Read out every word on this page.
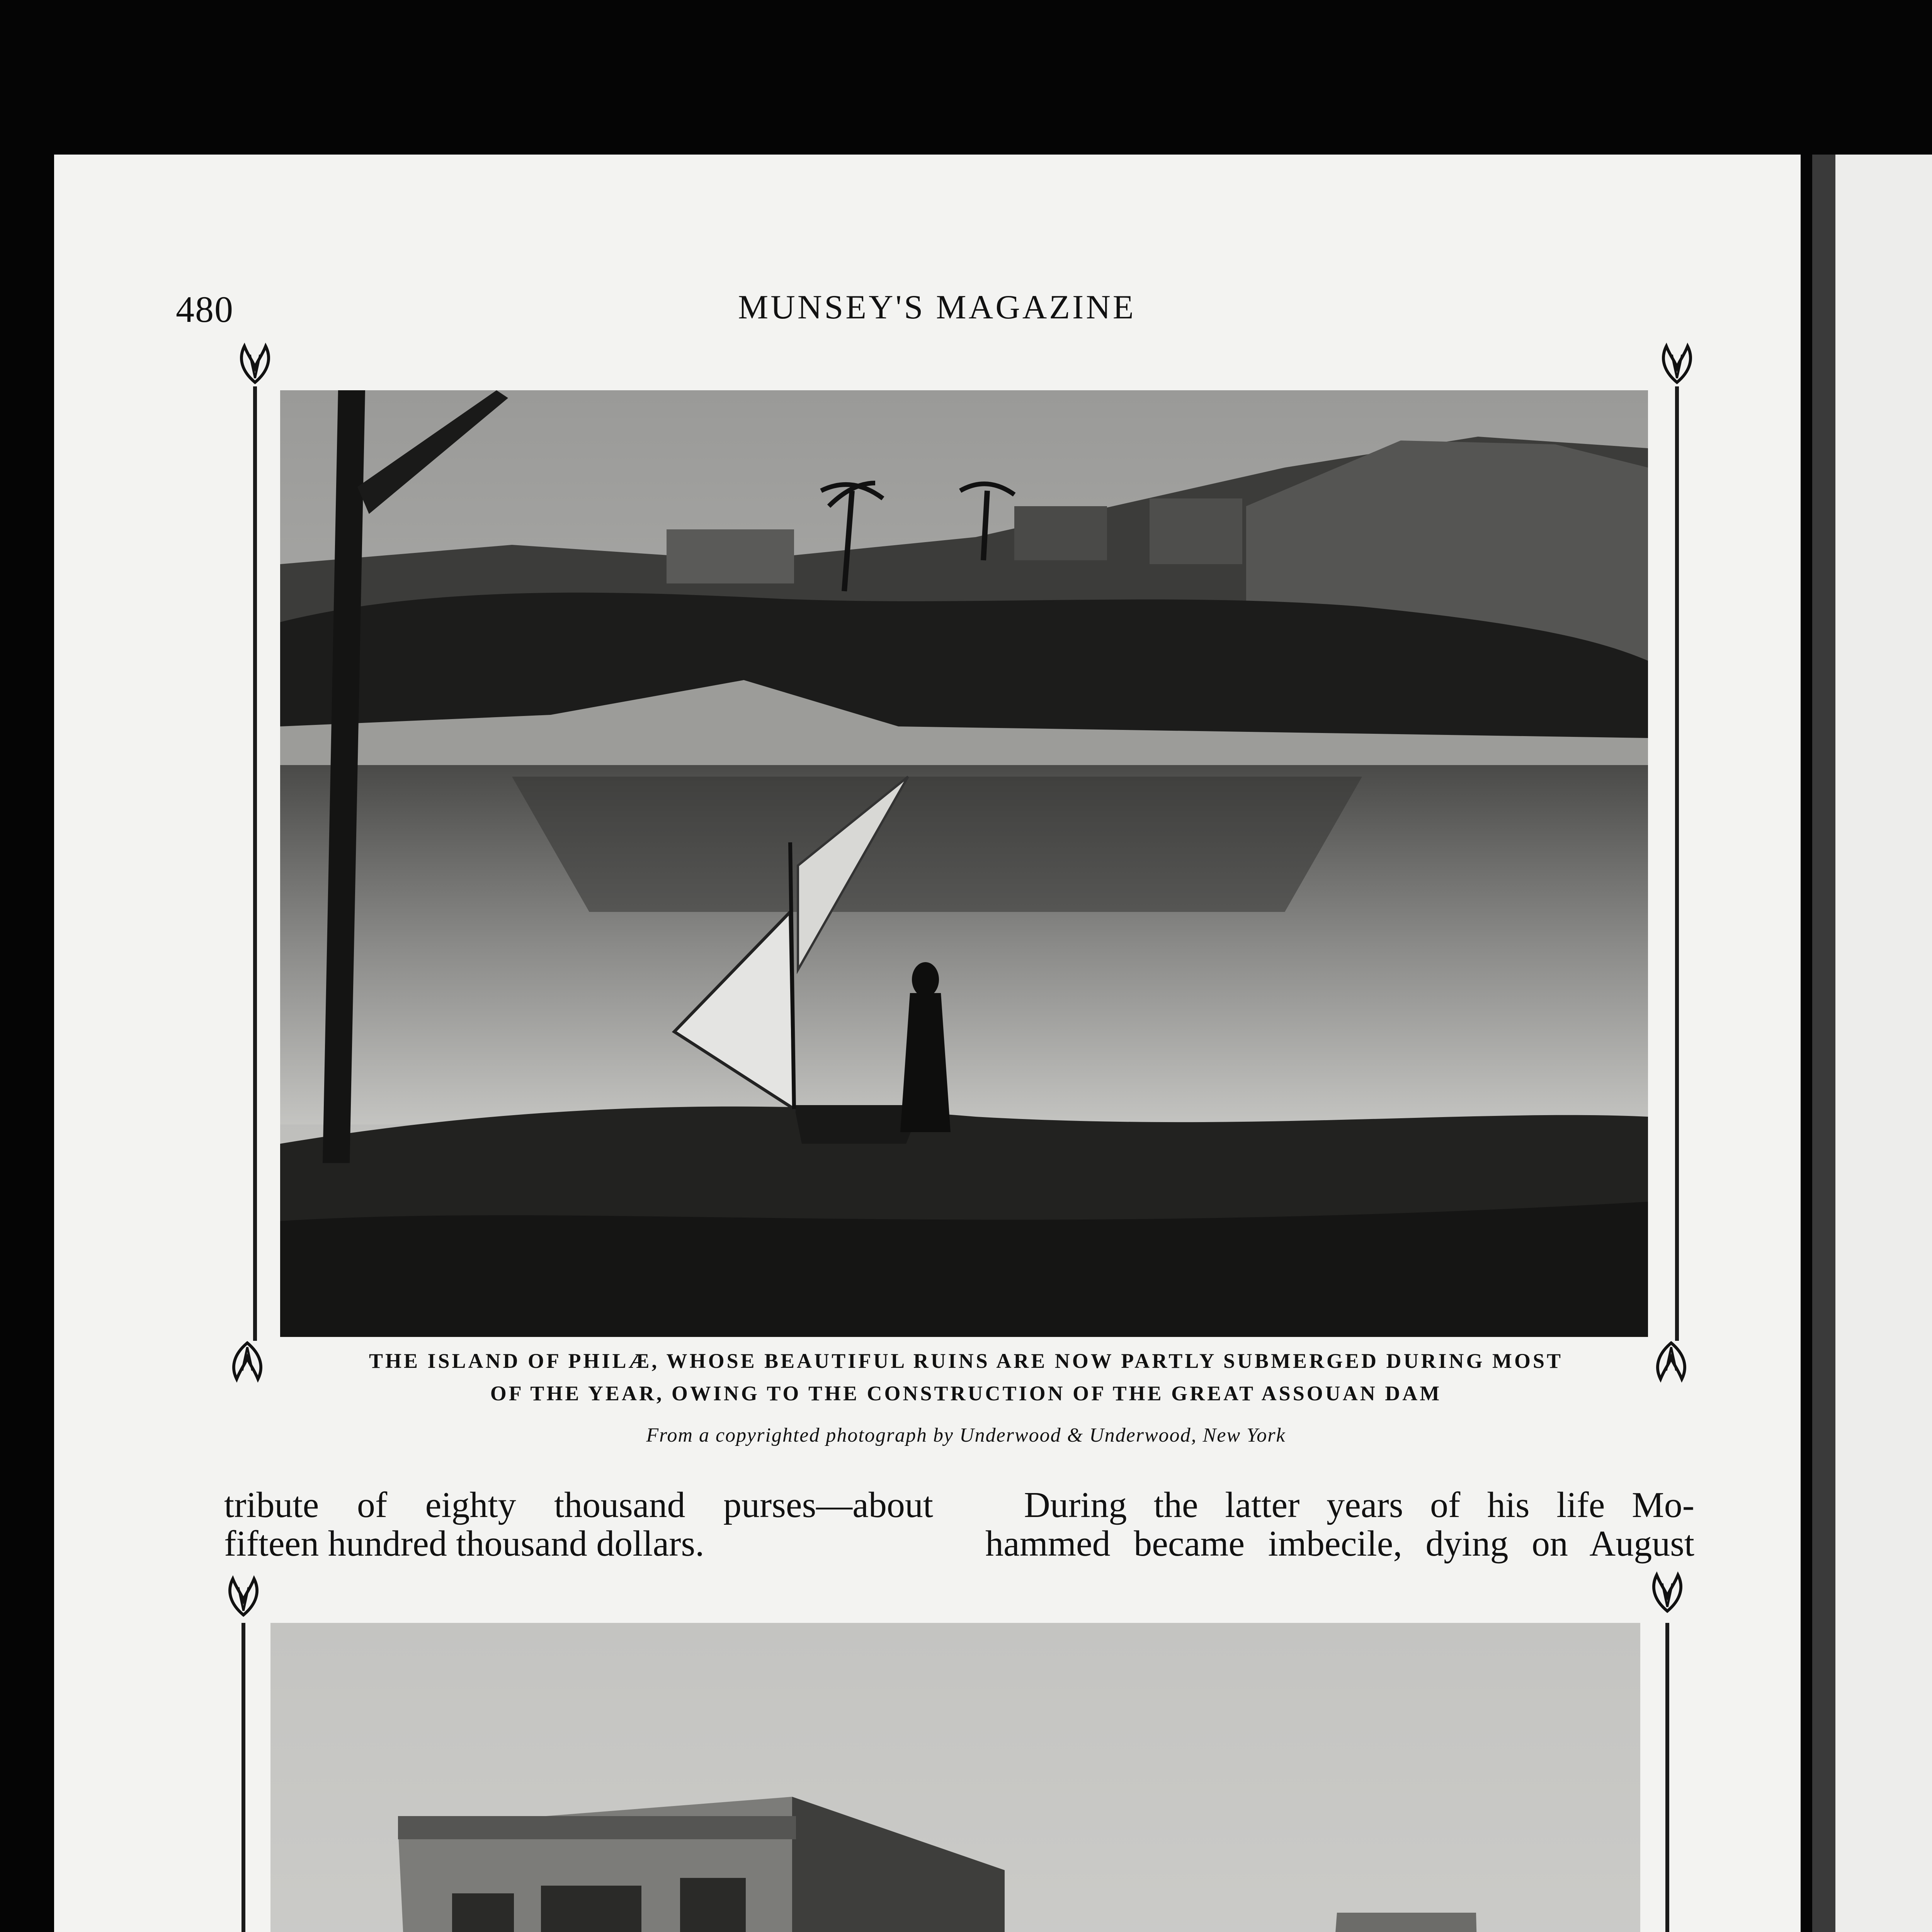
480	MUNSEY'S MAGAZINE
THE ISLAND OF PHILÆ, WHOSE BEAUTIFUL RUINS ARE NOW PARTLY SUBMERGED DURING MOST
OF THE YEAR, OWING TO THE CONSTRUCTION OF THE GREAT ASSOUAN DAM
From a copyrighted photograph by Underwood & Underwood, New York
tribute of eighty thousand purses—about
fifteen hundred thousand dollars.
During the latter years of his life Mo-
hammed became imbecile, dying on August
